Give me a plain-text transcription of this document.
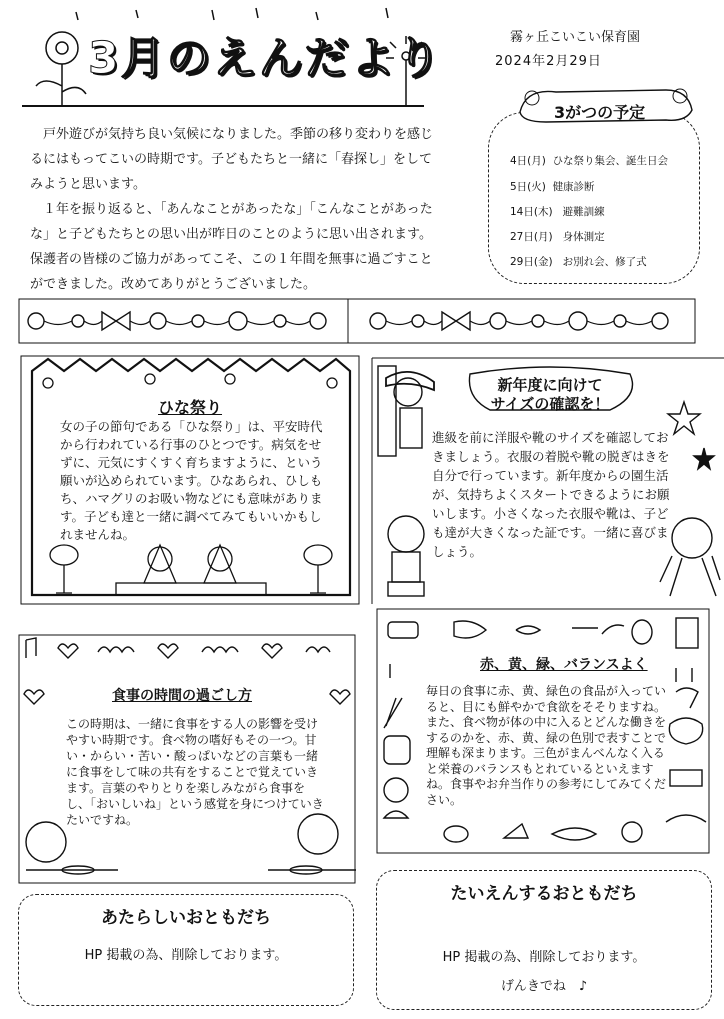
3月のえんだより	霧ヶ丘こいこい保育園
2024年2月29日
3がつの予定
4日(月) ひな祭り集会、誕生日会
5日(火) 健康診断
14日(木) 避難訓練
27日(月) 身体測定
29日(金) お別れ会、修了式

戸外遊びが気持ち良い気候になりました。季節の移り変わりを感じるにはもってこいの時期です。子どもたちと一緒に「春探し」をしてみようと思います。

１年を振り返ると、「あんなことがあったな」「こんなことがあったな」と子どもたちとの思い出が昨日のことのように思い出されます。保護者の皆様のご協力があってこそ、この１年間を無事に過ごすことができました。改めてありがとうございました。

ひな祭り
女の子の節句である「ひな祭り」は、平安時代から行われている行事のひとつです。病気をせずに、元気にすくすく育ちますように、という願いが込められています。ひなあられ、ひしもち、ハマグリのお吸い物などにも意味があります。子ども達と一緒に調べてみてもいいかもしれませんね。
新年度に向けて
サイズの確認を！
進級を前に洋服や靴のサイズを確認しておきましょう。衣服の着脱や靴の脱ぎはきを自分で行っています。新年度からの園生活が、気持ちよくスタートできるようにお願いします。小さくなった衣服や靴は、子ども達が大きくなった証です。一緒に喜びましょう。
食事の時間の過ごし方
この時期は、一緒に食事をする人の影響を受けやすい時期です。食べ物の嗜好もその一つ。甘い・からい・苦い・酸っぱいなどの言葉も一緒に食事をして味の共有をすることで覚えていきます。言葉のやりとりを楽しみながら食事をし、「おいしいね」という感覚を身につけていきたいですね。
赤、黄、緑、バランスよく
毎日の食事に赤、黄、緑色の食品が入っていると、目にも鮮やかで食欲をそそりますね。また、食べ物が体の中に入るとどんな働きをするのかを、赤、黄、緑の色別で表すことで理解も深まります。三色がまんべんなく入ると栄養のバランスもとれているといえますね。食事やお弁当作りの参考にしてみてください。
あたらしいおともだち
HP 掲載の為、削除しております。
たいえんするおともだち
HP 掲載の為、削除しております。
げんきでね　♪
